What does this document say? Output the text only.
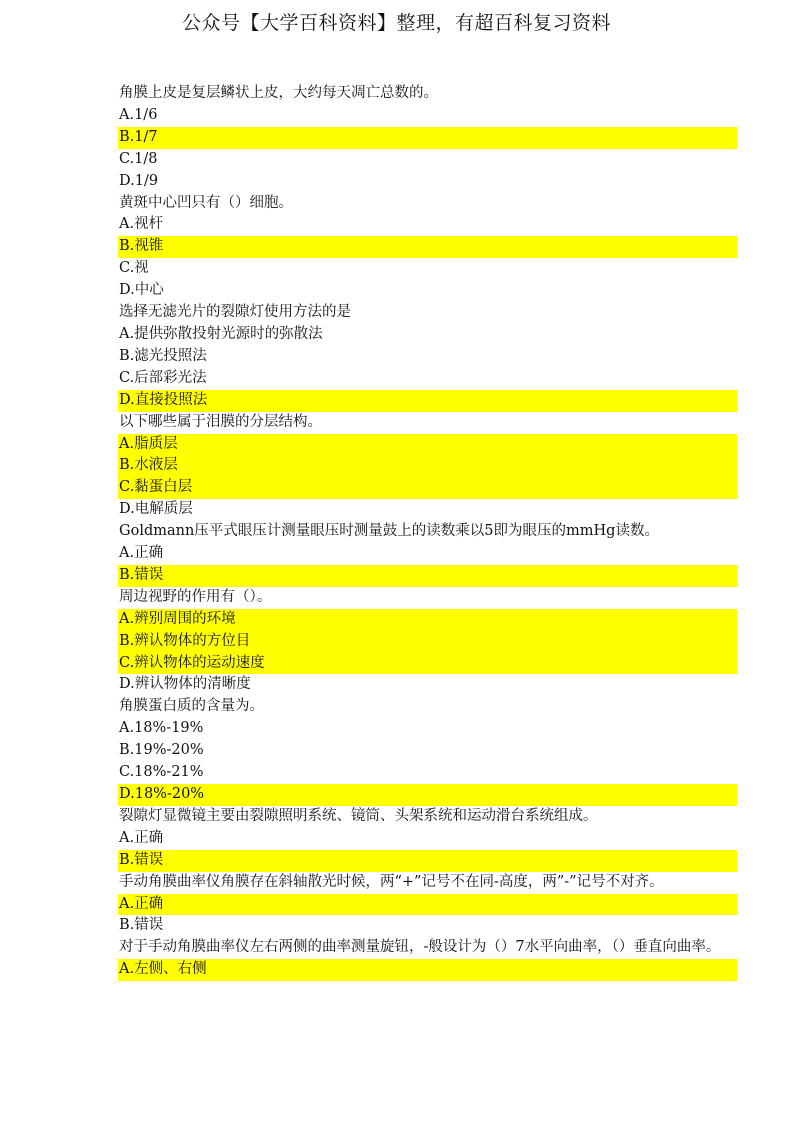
公众号【大学百科资料】整理，有超百科复习资料
角膜上皮是复层鳞状上皮，大约每天凋亡总数的。
A.1/6
B.1/7
C.1/8
D.1/9
黄斑中心凹只有（）细胞。
A.视杆
B.视锥
C.视
D.中心
选择无滤光片的裂隙灯使用方法的是
A.提供弥散投射光源时的弥散法
B.滤光投照法
C.后部彩光法
D.直接投照法
以下哪些属于泪膜的分层结构。
A.脂质层
B.水液层
C.黏蛋白层
D.电解质层
Goldmann压平式眼压计测量眼压时测量鼓上的读数乘以5即为眼压的mmHg读数。
A.正确
B.错误
周边视野的作用有（）。
A.辨别周围的环境
B.辨认物体的方位目
C.辨认物体的运动速度
D.辨认物体的清晰度
角膜蛋白质的含量为。
A.18%-19%
B.19%-20%
C.18%-21%
D.18%-20%
裂隙灯显微镜主要由裂隙照明系统、镜筒、头架系统和运动滑台系统组成。
A.正确
B.错误
手动角膜曲率仪角膜存在斜轴散光时候，两“+”记号不在同-高度，两”-”记号不对齐。
A.正确
B.错误
对于手动角膜曲率仪左右两侧的曲率测量旋钮，-般设计为（）7水平向曲率，（）垂直向曲率。
A.左侧、右侧
